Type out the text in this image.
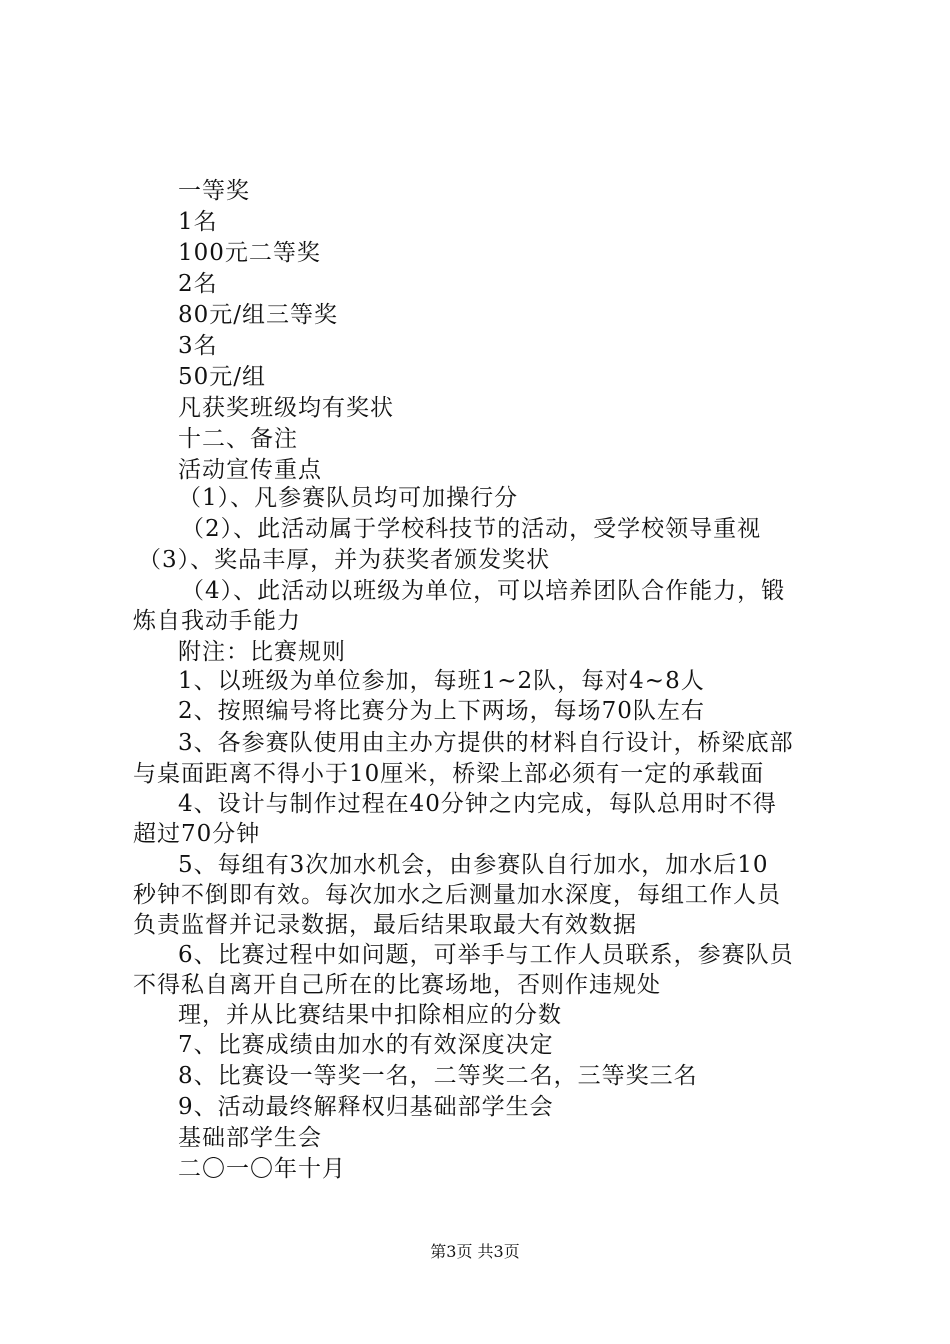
一等奖
1名
100元二等奖
2名
80元/组三等奖
3名
50元/组
凡获奖班级均有奖状
十二、备注
活动宣传重点
（1）、凡参赛队员均可加操行分
（2）、此活动属于学校科技节的活动，受学校领导重视
（3）、奖品丰厚，并为获奖者颁发奖状
（4）、此活动以班级为单位，可以培养团队合作能力，锻
炼自我动手能力
附注：比赛规则
1、以班级为单位参加，每班1~2队，每对4~8人
2、按照编号将比赛分为上下两场，每场70队左右
3、各参赛队使用由主办方提供的材料自行设计，桥梁底部
与桌面距离不得小于10厘米，桥梁上部必须有一定的承载面
4、设计与制作过程在40分钟之内完成，每队总用时不得
超过70分钟
5、每组有3次加水机会，由参赛队自行加水，加水后10
秒钟不倒即有效。每次加水之后测量加水深度，每组工作人员
负责监督并记录数据，最后结果取最大有效数据
6、比赛过程中如问题，可举手与工作人员联系，参赛队员
不得私自离开自己所在的比赛场地，否则作违规处
理，并从比赛结果中扣除相应的分数
7、比赛成绩由加水的有效深度决定
8、比赛设一等奖一名，二等奖二名，三等奖三名
9、活动最终解释权归基础部学生会
基础部学生会
二〇一〇年十月
第3页 共3页
